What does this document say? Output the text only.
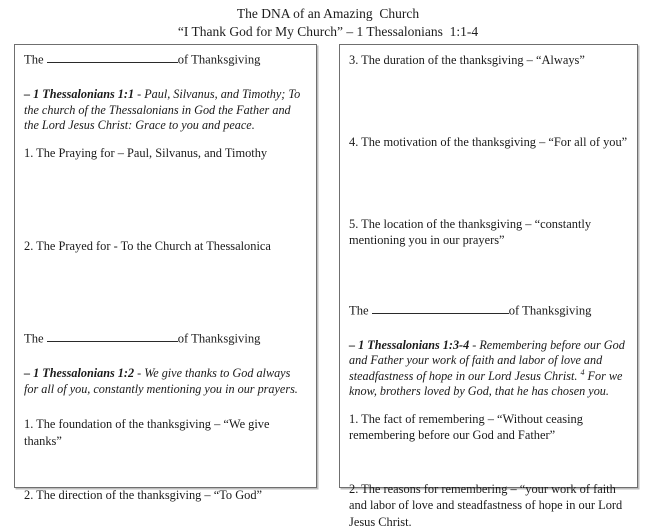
The DNA of an Amazing  Church
“I Thank God for My Church” – 1 Thessalonians  1:1-4
The	of Thanksgiving

– 1 Thessalonians 1:1 - Paul, Silvanus, and Timothy; To the church of the Thessalonians in God the Father and the Lord Jesus Christ: Grace to you and peace.

1. The Praying for – Paul, Silvanus, and Timothy

2. The Prayed for - To the Church at Thessalonica

The	of Thanksgiving

– 1 Thessalonians 1:2 - We give thanks to God always for all of you, constantly mentioning you in our prayers.

1. The foundation of the thanksgiving – “We give thanks”

2. The direction of the thanksgiving – “To God”

3. The duration of the thanksgiving – “Always”

4. The motivation of the thanksgiving – “For all of you”

5. The location of the thanksgiving – “constantly mentioning you in our prayers”

The	of Thanksgiving

– 1 Thessalonians 1:3-4 - Remembering before our God and Father your work of faith and labor of love and steadfastness of hope in our Lord Jesus Christ. $^4$ For we know, brothers loved by God, that he has chosen you.

1. The fact of remembering – “Without ceasing remembering before our God and Father”

2. The reasons for remembering – “your work of faith and labor of love and steadfastness of hope in our Lord Jesus Christ.
